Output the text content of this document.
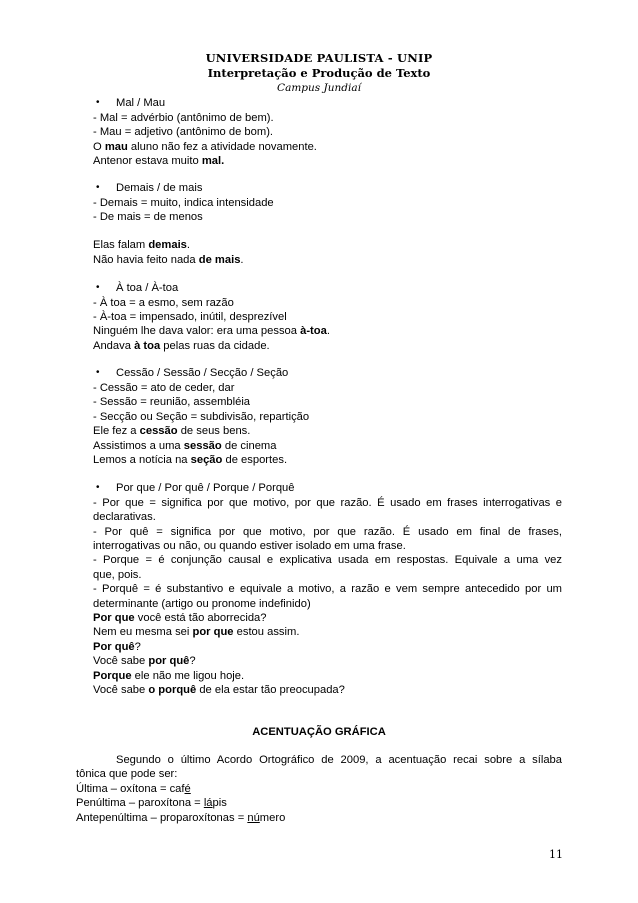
UNIVERSIDADE PAULISTA - UNIP
Interpretação e Produção de Texto
Campus Jundiaí
• Mal / Mau
- Mal = advérbio (antônimo de bem).
- Mau = adjetivo (antônimo de bom).
O mau aluno não fez a atividade novamente.
Antenor estava muito mal.
• Demais / de mais
- Demais = muito, indica intensidade
- De mais = de menos
Elas falam demais.
Não havia feito nada de mais.
• À toa / À-toa
- À toa = a esmo, sem razão
- À-toa = impensado, inútil, desprezível
Ninguém lhe dava valor: era uma pessoa à-toa.
Andava à toa pelas ruas da cidade.
• Cessão / Sessão / Secção / Seção
- Cessão = ato de ceder, dar
- Sessão = reunião, assembléia
- Secção ou Seção = subdivisão, repartição
Ele fez a cessão de seus bens.
Assistimos a uma sessão de cinema
Lemos a notícia na seção de esportes.
• Por que / Por quê / Porque / Porquê
- Por que = significa por que motivo, por que razão. É usado em frases interrogativas e
declarativas.
- Por quê = significa por que motivo, por que razão. É usado em final de frases,
interrogativas ou não, ou quando estiver isolado em uma frase.
- Porque = é conjunção causal e explicativa usada em respostas. Equivale a uma vez
que, pois.
- Porquê = é substantivo e equivale a motivo, a razão e vem sempre antecedido por um
determinante (artigo ou pronome indefinido)
Por que você está tão aborrecida?
Nem eu mesma sei por que estou assim.
Por quê?
Você sabe por quê?
Porque ele não me ligou hoje.
Você sabe o porquê de ela estar tão preocupada?
ACENTUAÇÃO GRÁFICA
Segundo o último Acordo Ortográfico de 2009, a acentuação recai sobre a sílaba
tônica que pode ser:
Última – oxítona = café
Penúltima – paroxítona = lápis
Antepenúltima – proparoxítonas = número
11
